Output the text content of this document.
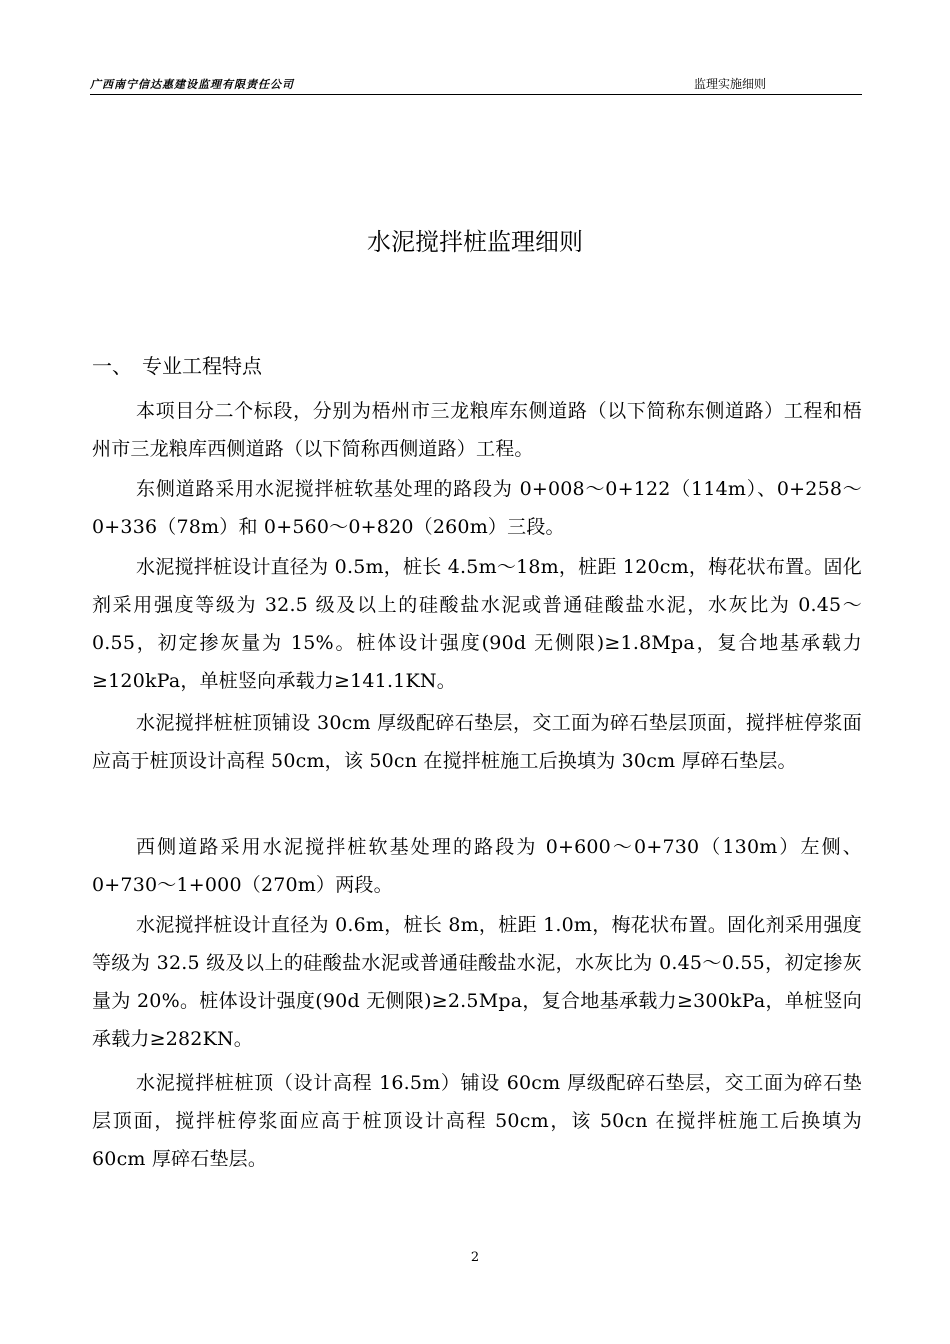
广西南宁信达惠建设监理有限责任公司	监理实施细则
水泥搅拌桩监理细则
一、　专业工程特点

本项目分二个标段，分别为梧州市三龙粮库东侧道路（以下简称东侧道路）工程和梧州市三龙粮库西侧道路（以下简称西侧道路）工程。

东侧道路采用水泥搅拌桩软基处理的路段为 0+008～0+122（114m）、0+258～0+336（78m）和 0+560～0+820（260m）三段。

水泥搅拌桩设计直径为 0.5m，桩长 4.5m～18m，桩距 120cm，梅花状布置。固化剂采用强度等级为 32.5 级及以上的硅酸盐水泥或普通硅酸盐水泥，水灰比为 0.45～0.55，初定掺灰量为 15%。桩体设计强度(90d 无侧限)≥1.8Mpa，复合地基承载力≥120kPa，单桩竖向承载力≥141.1KN。

水泥搅拌桩桩顶铺设 30cm 厚级配碎石垫层，交工面为碎石垫层顶面，搅拌桩停浆面应高于桩顶设计高程 50cm，该 50cn 在搅拌桩施工后换填为 30cm 厚碎石垫层。

西侧道路采用水泥搅拌桩软基处理的路段为 0+600～0+730（130m）左侧、0+730～1+000（270m）两段。

水泥搅拌桩设计直径为 0.6m，桩长 8m，桩距 1.0m，梅花状布置。固化剂采用强度等级为 32.5 级及以上的硅酸盐水泥或普通硅酸盐水泥，水灰比为 0.45～0.55，初定掺灰量为 20%。桩体设计强度(90d 无侧限)≥2.5Mpa，复合地基承载力≥300kPa，单桩竖向承载力≥282KN。

水泥搅拌桩桩顶（设计高程 16.5m）铺设 60cm 厚级配碎石垫层，交工面为碎石垫层顶面，搅拌桩停浆面应高于桩顶设计高程 50cm，该 50cn 在搅拌桩施工后换填为 60cm 厚碎石垫层。

2
